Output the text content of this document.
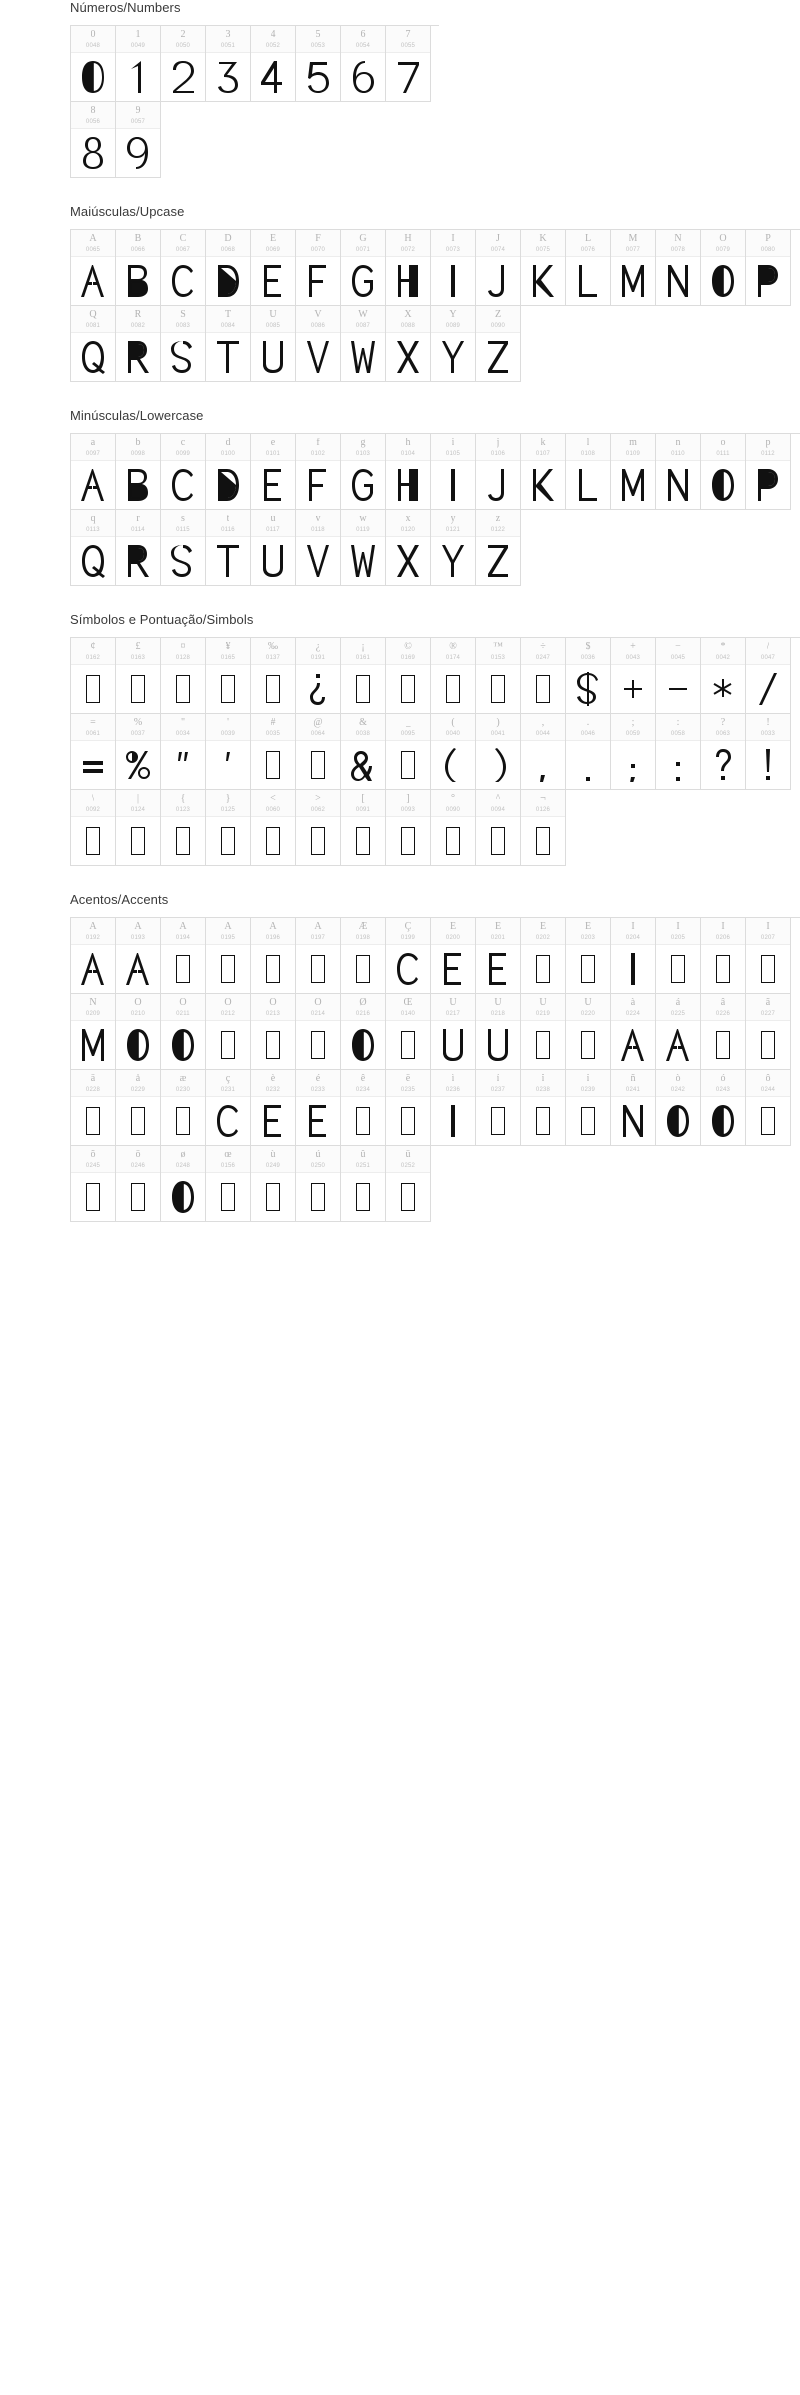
Números/Numbers
0
0048
1
0049
2
0050
3
0051
4
0052
5
0053
6
0054
7
0055
8
0056
9
0057
Maiúsculas/Upcase
A
0065
B
0066
C
0067
D
0068
E
0069
F
0070
G
0071
H
0072
I
0073
J
0074
K
0075
L
0076
M
0077
N
0078
O
0079
P
0080
Q
0081
R
0082
S
0083
T
0084
U
0085
V
0086
W
0087
X
0088
Y
0089
Z
0090
Minúsculas/Lowercase
a
0097
b
0098
c
0099
d
0100
e
0101
f
0102
g
0103
h
0104
i
0105
j
0106
k
0107
l
0108
m
0109
n
0110
o
0111
p
0112
q
0113
r
0114
s
0115
t
0116
u
0117
v
0118
w
0119
x
0120
y
0121
z
0122
Símbolos e Pontuação/Simbols
¢
0162
£
0163
¤
0128
¥
0165
‰
0137
¿
0191
¡
0161
©
0169
®
0174
™
0153
÷
0247
$
0036
+
0043
−
0045
*
0042
/
0047
=
0061
%
0037
"
0034
'
0039
#
0035
@
0064
&
0038
_
0095
(
0040
)
0041
,
0044
.
0046
;
0059
:
0058
?
0063
!
0033
\
0092
|
0124
{
0123
}
0125
<
0060
>
0062
[
0091
]
0093
°
0090
^
0094
¬
0126
Acentos/Accents
À
0192
Á
0193
Â
0194
Ã
0195
Ä
0196
Å
0197
Æ
0198
Ç
0199
È
0200
É
0201
Ê
0202
Ë
0203
Ì
0204
Í
0205
Î
0206
Ï
0207
Ñ
0209
Ò
0210
Ó
0211
Ô
0212
Õ
0213
Ö
0214
Ø
0216
Œ
0140
Ù
0217
Ú
0218
Û
0219
Ü
0220
à
0224
á
0225
â
0226
ã
0227
ä
0228
å
0229
æ
0230
ç
0231
è
0232
é
0233
ê
0234
ë
0235
ì
0236
í
0237
î
0238
ï
0239
ñ
0241
ò
0242
ó
0243
ô
0244
õ
0245
ö
0246
ø
0248
œ
0156
ù
0249
ú
0250
û
0251
ü
0252
